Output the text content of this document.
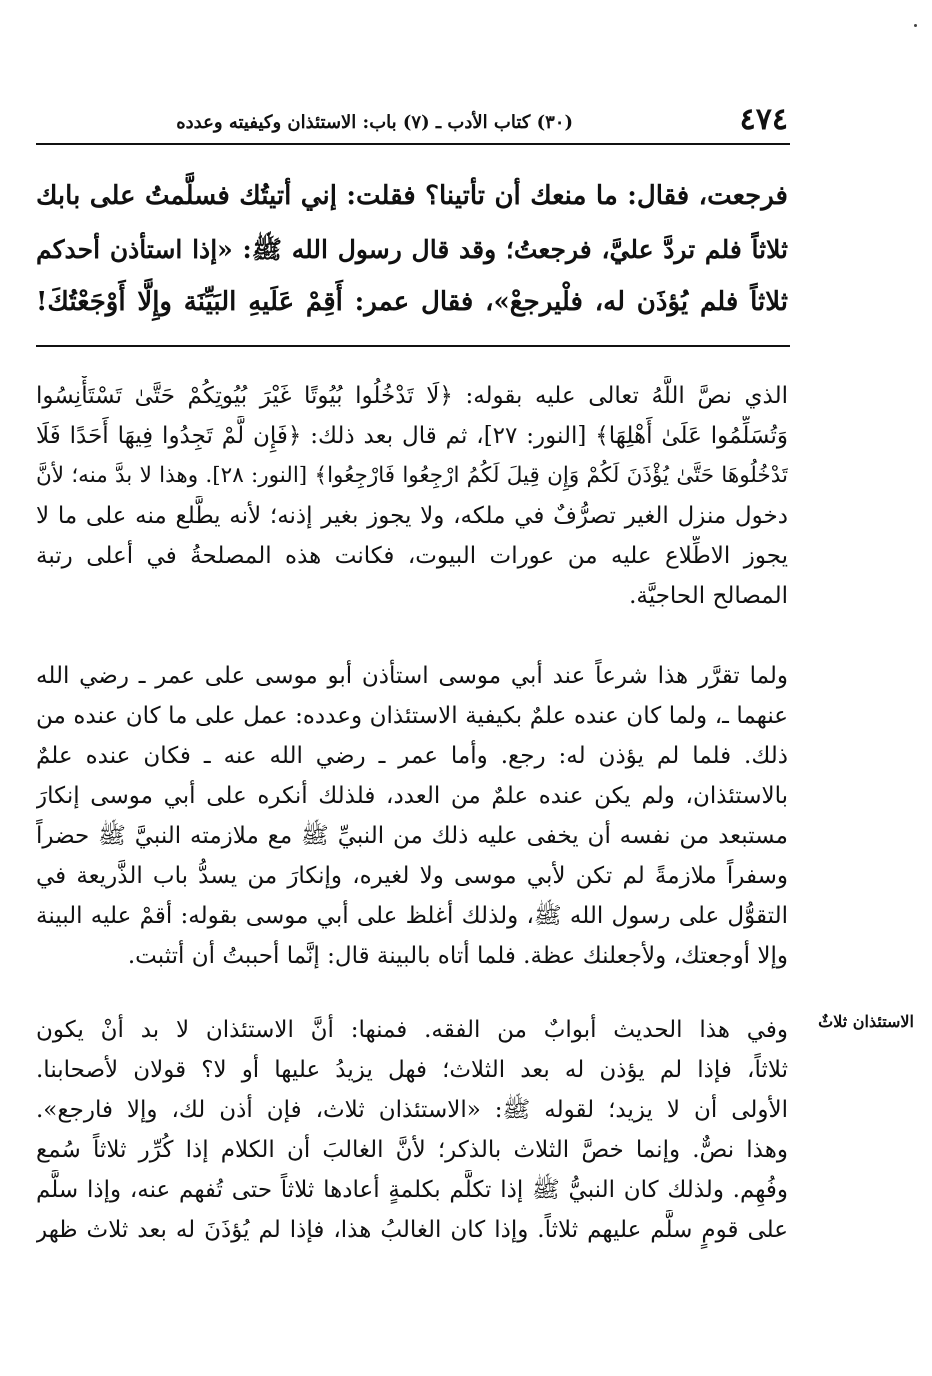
٤٧٤
(٣٠) كتاب الأدب ـ (٧) باب: الاستئذان وكيفيته وعدده
فرجعت، فقال: ما منعك أن تأتينا؟ فقلت: إني أتيتُك فسلَّمتُ على بابك
ثلاثاً فلم تردَّ عليَّ، فرجعتُ؛ وقد قال رسول الله ﷺ: «إذا استأذن أحدكم
ثلاثاً فلم يُؤذَن له، فلْيرجعْ»، فقال عمر: أَقِمْ عَلَيهِ البَيِّنَة وإِلَّا أَوْجَعْتُكَ!
الذي نصَّ اللَّهُ تعالى عليه بقوله: ﴿لَا تَدْخُلُوا بُيُوتًا غَيْرَ بُيُوتِكُمْ حَتَّىٰ تَسْتَأْنِسُوا
وَتُسَلِّمُوا عَلَىٰ أَهْلِهَا﴾ [النور: ٢٧]، ثم قال بعد ذلك: ﴿فَإِن لَّمْ تَجِدُوا فِيهَا أَحَدًا فَلَا
تَدْخُلُوهَا حَتَّىٰ يُؤْذَنَ لَكُمْ وَإِن قِيلَ لَكُمُ ارْجِعُوا فَارْجِعُوا﴾ [النور: ٢٨]. وهذا لا بدَّ منه؛ لأنَّ
دخول منزل الغير تصرُّفٌ في ملكه، ولا يجوز بغير إذنه؛ لأنه يطَّلع منه على ما لا
يجوز الاطِّلاع عليه من عورات البيوت، فكانت هذه المصلحةُ في أعلى رتبة
المصالح الحاجيَّة.
ولما تقرَّر هذا شرعاً عند أبي موسى استأذن أبو موسى على عمر ـ رضي الله
عنهما ـ، ولما كان عنده علمٌ بكيفية الاستئذان وعدده: عمل على ما كان عنده من
ذلك. فلما لم يؤذن له: رجع. وأما عمر ـ رضي الله عنه ـ فكان عنده علمٌ
بالاستئذان، ولم يكن عنده علمٌ من العدد، فلذلك أنكره على أبي موسى إنكارَ
مستبعد من نفسه أن يخفى عليه ذلك من النبيِّ ﷺ مع ملازمته النبيَّ ﷺ حضراً
وسفراً ملازمةً لم تكن لأبي موسى ولا لغيره، وإنكارَ من يسدُّ باب الذَّريعة في
التقوُّل على رسول الله ﷺ، ولذلك أغلظ على أبي موسى بقوله: أقمْ عليه البينة
وإلا أوجعتك، ولأجعلنك عظة. فلما أتاه بالبينة قال: إنَّما أحببتُ أن أتثبت.
الاستئذان ثلاثٌ
وفي هذا الحديث أبوابٌ من الفقه. فمنها: أنَّ الاستئذان لا بد أنْ يكون
ثلاثاً، فإذا لم يؤذن له بعد الثلاث؛ فهل يزيدُ عليها أو لا؟ قولان لأصحابنا.
الأولى أن لا يزيد؛ لقوله ﷺ: «الاستئذان ثلاث، فإن أذن لك، وإلا فارجع».
وهذا نصٌّ. وإنما خصَّ الثلاث بالذكر؛ لأنَّ الغالبَ أن الكلام إذا كُرِّر ثلاثاً سُمع
وفُهِم. ولذلك كان النبيُّ ﷺ إذا تكلَّم بكلمةٍ أعادها ثلاثاً حتى تُفهم عنه، وإذا سلَّم
على قومٍ سلَّم عليهم ثلاثاً. وإذا كان الغالبُ هذا، فإذا لم يُؤذَنَ له بعد ثلاث ظهر
